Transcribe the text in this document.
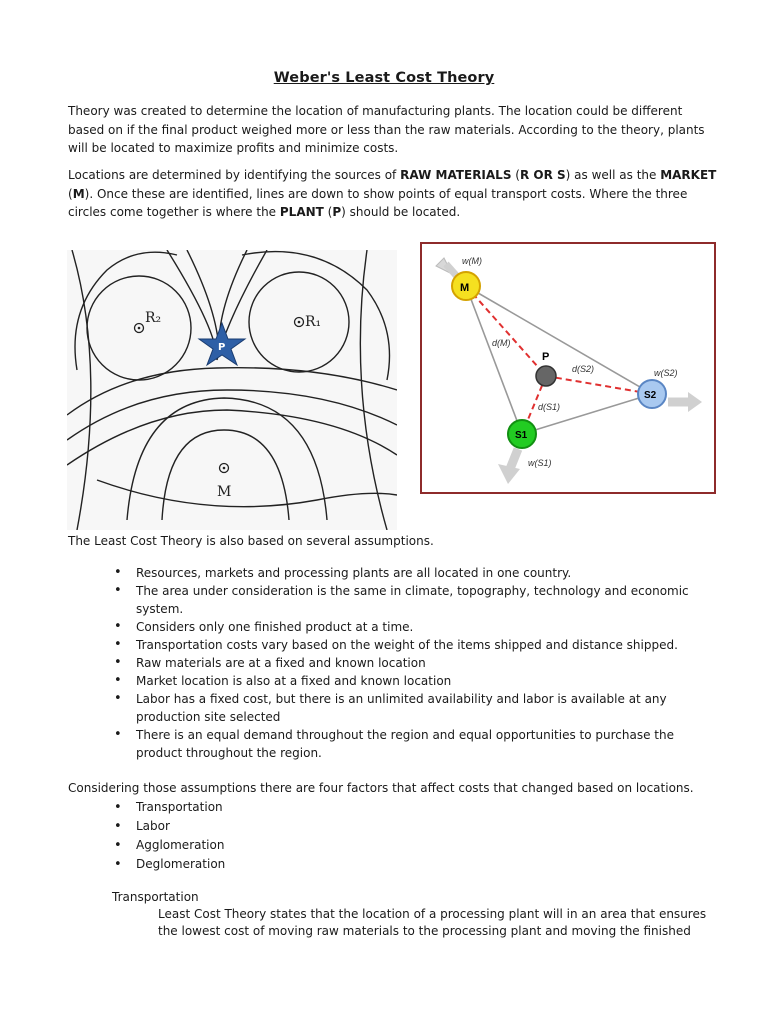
Weber's Least Cost Theory

Theory was created to determine the location of manufacturing plants. The location could be different based on if the final product weighed more or less than the raw materials. According to the theory, plants will be located to maximize profits and minimize costs.

Locations are determined by identifying the sources of RAW MATERIALS (R OR S) as well as the MARKET (M). Once these are identified, lines are down to show points of equal transport costs. Where the three circles come together is where the PLANT (P) should be located.

R₂	R₁
M
P
M
S2
S1
P
w(M)
w(S2)
w(S1)
d(M)
d(S2)
d(S1)

The Least Cost Theory is also based on several assumptions.

• Resources, markets and processing plants are all located in one country.
• The area under consideration is the same in climate, topography, technology and economic system.
• Considers only one finished product at a time.
• Transportation costs vary based on the weight of the items shipped and distance shipped.
• Raw materials are at a fixed and known location
• Market location is also at a fixed and known location
• Labor has a fixed cost, but there is an unlimited availability and labor is available at any production site selected
• There is an equal demand throughout the region and equal opportunities to purchase the product throughout the region.

Considering those assumptions there are four factors that affect costs that changed based on locations.

• Transportation
• Labor
• Agglomeration
• Deglomeration
Transportation

Least Cost Theory states that the location of a processing plant will in an area that ensures the lowest cost of moving raw materials to the processing plant and moving the finished
